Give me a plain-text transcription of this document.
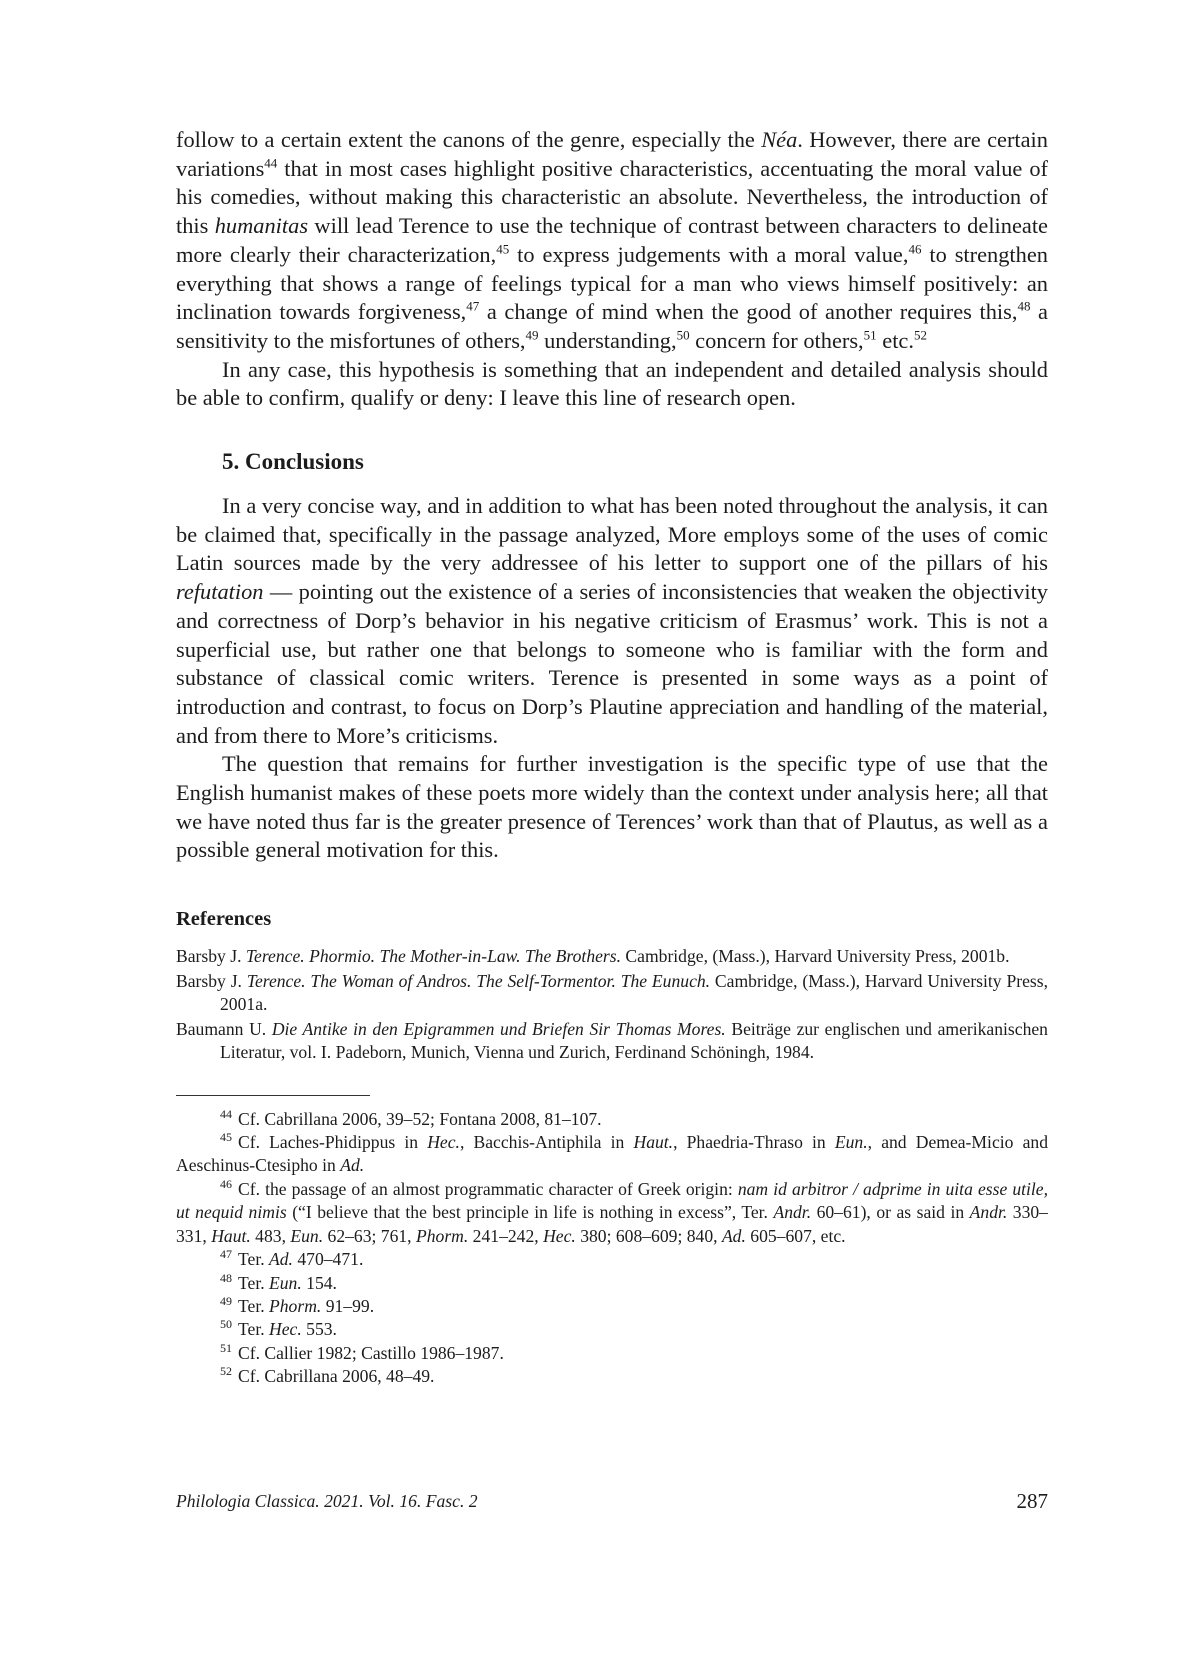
follow to a certain extent the canons of the genre, especially the Néa. However, there are certain variations$^{44}$ that in most cases highlight positive characteristics, accentuating the moral value of his comedies, without making this characteristic an absolute. Nevertheless, the introduction of this humanitas will lead Terence to use the technique of contrast between characters to delineate more clearly their characterization,$^{45}$ to express judgements with a moral value,$^{46}$ to strengthen everything that shows a range of feelings typical for a man who views himself positively: an inclination towards forgiveness,$^{47}$ a change of mind when the good of another requires this,$^{48}$ a sensitivity to the misfortunes of others,$^{49}$ understanding,$^{50}$ concern for others,$^{51}$ etc.$^{52}$

In any case, this hypothesis is something that an independent and detailed analysis should be able to confirm, qualify or deny: I leave this line of research open.

5. Conclusions

In a very concise way, and in addition to what has been noted throughout the analysis, it can be claimed that, specifically in the passage analyzed, More employs some of the uses of comic Latin sources made by the very addressee of his letter to support one of the pillars of his refutation — pointing out the existence of a series of inconsistencies that weaken the objectivity and correctness of Dorp’s behavior in his negative criticism of Erasmus’ work. This is not a superficial use, but rather one that belongs to someone who is familiar with the form and substance of classical comic writers. Terence is presented in some ways as a point of introduction and contrast, to focus on Dorp’s Plautine appreciation and handling of the material, and from there to More’s criticisms.

The question that remains for further investigation is the specific type of use that the English humanist makes of these poets more widely than the context under analysis here; all that we have noted thus far is the greater presence of Terences’ work than that of Plautus, as well as a possible general motivation for this.

References

Barsby J. Terence. Phormio. The Mother-in-Law. The Brothers. Cambridge, (Mass.), Harvard University Press, 2001b.

Barsby J. Terence. The Woman of Andros. The Self-Tormentor. The Eunuch. Cambridge, (Mass.), Harvard University Press, 2001a.

Baumann U. Die Antike in den Epigrammen und Briefen Sir Thomas Mores. Beiträge zur englischen und amerikanischen Literatur, vol. I. Padeborn, Munich, Vienna und Zurich, Ferdinand Schöningh, 1984.

$^{44}$ Cf. Cabrillana 2006, 39–52; Fontana 2008, 81–107.

$^{45}$ Cf. Laches-Phidippus in Hec., Bacchis-Antiphila in Haut., Phaedria-Thraso in Eun., and Demea-Micio and Aeschinus-Ctesipho in Ad.

$^{46}$ Cf. the passage of an almost programmatic character of Greek origin: nam id arbitror / adprime in uita esse utile, ut nequid nimis (“I believe that the best principle in life is nothing in excess”, Ter. Andr. 60–61), or as said in Andr. 330–331, Haut. 483, Eun. 62–63; 761, Phorm. 241–242, Hec. 380; 608–609; 840, Ad. 605–607, etc.

$^{47}$ Ter. Ad. 470–471.

$^{48}$ Ter. Eun. 154.

$^{49}$ Ter. Phorm. 91–99.

$^{50}$ Ter. Hec. 553.

$^{51}$ Cf. Callier 1982; Castillo 1986–1987.

$^{52}$ Cf. Cabrillana 2006, 48–49.

Philologia Classica. 2021. Vol. 16. Fasc. 2	287
